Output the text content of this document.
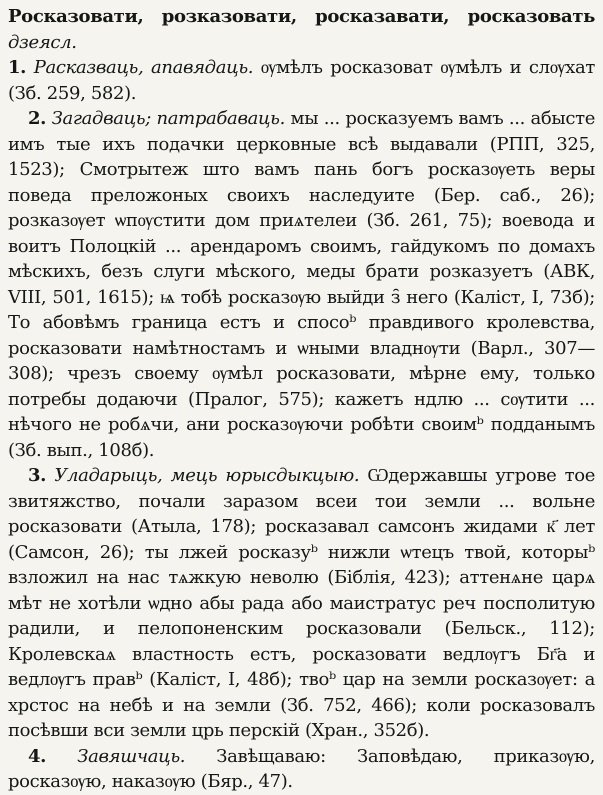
Росказовати, розказовати, росказавати, росказовать дзеясл.

1. Расказваць, апавядаць. ѹмѣлъ росказоват ѹмѣлъ и слѹхат (Зб. 259, 582).

2. Загадваць; патрабаваць. мы ... росказуемъ вамъ ... абысте имъ тые ихъ подачки церковные всѣ выдавали (РПП, 325, 1523); Смотрытеж што вамъ пань богъ росказѹеть веры поведа преложоных своихъ наследуите (Бер. саб., 26); розказѹет ѡпѹстити дом приѧтелеи (Зб. 261, 75); воевода и воитъ Полоцкій ... арендаромъ своимъ, гайдукомъ по домахъ мѣскихъ, безъ слуги мѣского, меды брати розказуетъ (АВК, VIII, 501, 1615); ѩ тобѣ росказѹю выйди з̑ него (Каліст, I, 73б); То абовѣмъ граница естъ и спосоᵇ правдивого кролевства, росказовати намѣтностамъ и ѡными владнѹти (Варл., 307—308); чрезъ своему ѹмѣл росказовати, мѣрне ему, только потребы додаючи (Пралог, 575); кажетъ ндлю ... сѹтити ... нѣчого не робѧчи, ани росказѹючи робѣти своимᵇ подданымъ (Зб. вып., 108б).

3. Уладарыць, мець юрысдыкцыю. Ѡдержавшы угрове тое звитяжство, почали заразом всеи тои земли ... вольне росказовати (Атыла, 178); росказавал самсонъ жидами к҃ лет (Самсон, 26); ты лжей росказуᵇ нижли ѡтецъ твой, которыᵇ взложил на нас тѧжкую неволю (Біблія, 423); аттенѧне царѧ мѣт не хотѣли ѡдно абы рада або маистратус реч посполитую радили, и пелопоненским росказовали (Бельск., 112); Кролевскаѧ властность естъ, росказовати ведлѹгъ Бг҃а и ведлѹгъ правᵇ (Каліст, I, 48б); твоᵇ цар на земли росказѹет: а хрстос на небѣ и на земли (Зб. 752, 466); коли росказовалъ посѣвши вси земли црь перскій (Хран., 352б).

4. Завяшчаць. Завѣщаваю: Заповѣдаю, приказѹю, росказѹю, наказѹю (Бяр., 47).
